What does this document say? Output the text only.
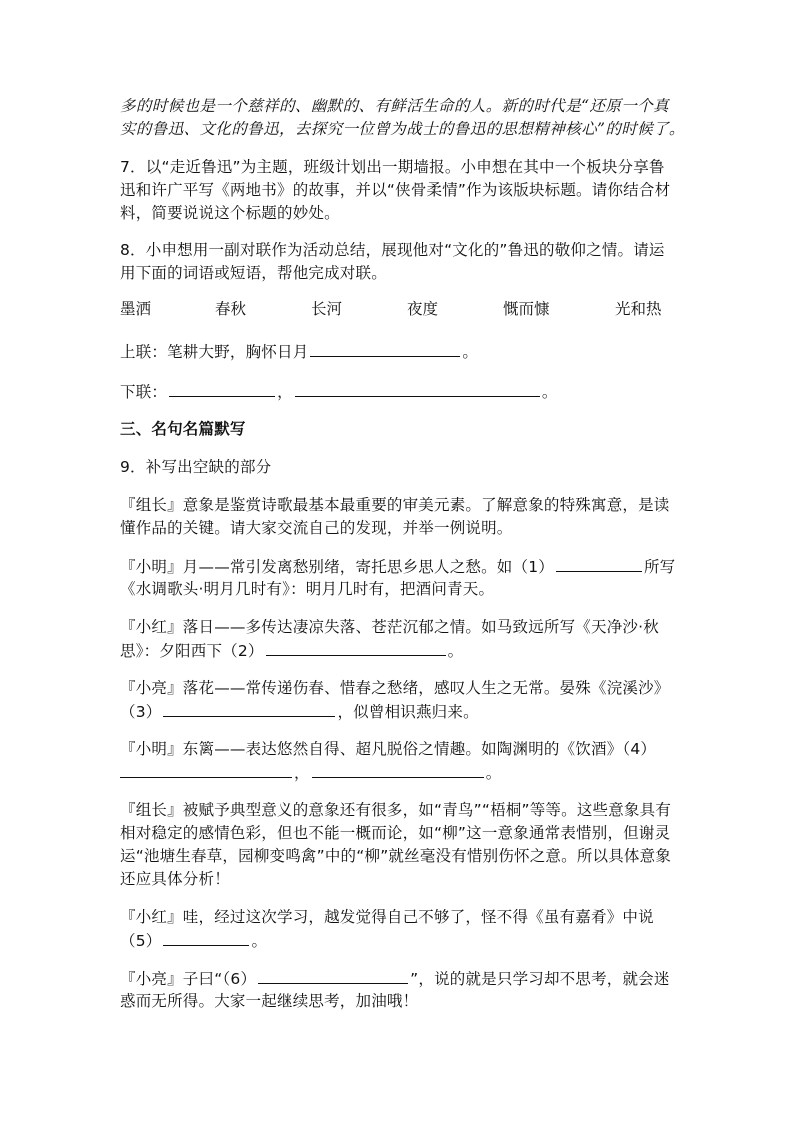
多的时候也是一个慈祥的、幽默的、有鲜活生命的人。新的时代是“还原一个真
实的鲁迅、文化的鲁迅，去探究一位曾为战士的鲁迅的思想精神核心”的时候了。
7．以“走近鲁迅”为主题，班级计划出一期墙报。小申想在其中一个板块分享鲁
迅和许广平写《两地书》的故事，并以“侠骨柔情”作为该版块标题。请你结合材
料，简要说说这个标题的妙处。
8．小申想用一副对联作为活动总结，展现他对“文化的”鲁迅的敬仰之情。请运
用下面的词语或短语，帮他完成对联。
墨洒	春秋	长河	夜度	慨而慷	光和热
上联：笔耕大野，胸怀日月	。
下联：	，	。
三、名句名篇默写
9．补写出空缺的部分
『组长』意象是鉴赏诗歌最基本最重要的审美元素。了解意象的特殊寓意，是读
懂作品的关键。请大家交流自己的发现，并举一例说明。
『小明』月——常引发离愁别绪，寄托思乡思人之愁。如（1）	所写
《水调歌头·明月几时有》：明月几时有，把酒问青天。
『小红』落日——多传达凄凉失落、苍茫沉郁之情。如马致远所写《天净沙·秋
思》：夕阳西下（2）	。
『小亮』落花——常传递伤春、惜春之愁绪，感叹人生之无常。晏殊《浣溪沙》
（3）	，似曾相识燕归来。
『小明』东篱——表达悠然自得、超凡脱俗之情趣。如陶渊明的《饮酒》（4）
，	。
『组长』被赋予典型意义的意象还有很多，如“青鸟”“梧桐”等等。这些意象具有
相对稳定的感情色彩，但也不能一概而论，如“柳”这一意象通常表惜别，但谢灵
运“池塘生春草，园柳变鸣禽”中的“柳”就丝毫没有惜别伤怀之意。所以具体意象
还应具体分析！
『小红』哇，经过这次学习，越发觉得自己不够了，怪不得《虽有嘉肴》中说
（5）	。
『小亮』子曰“（6）	”，说的就是只学习却不思考，就会迷
惑而无所得。大家一起继续思考，加油哦！
